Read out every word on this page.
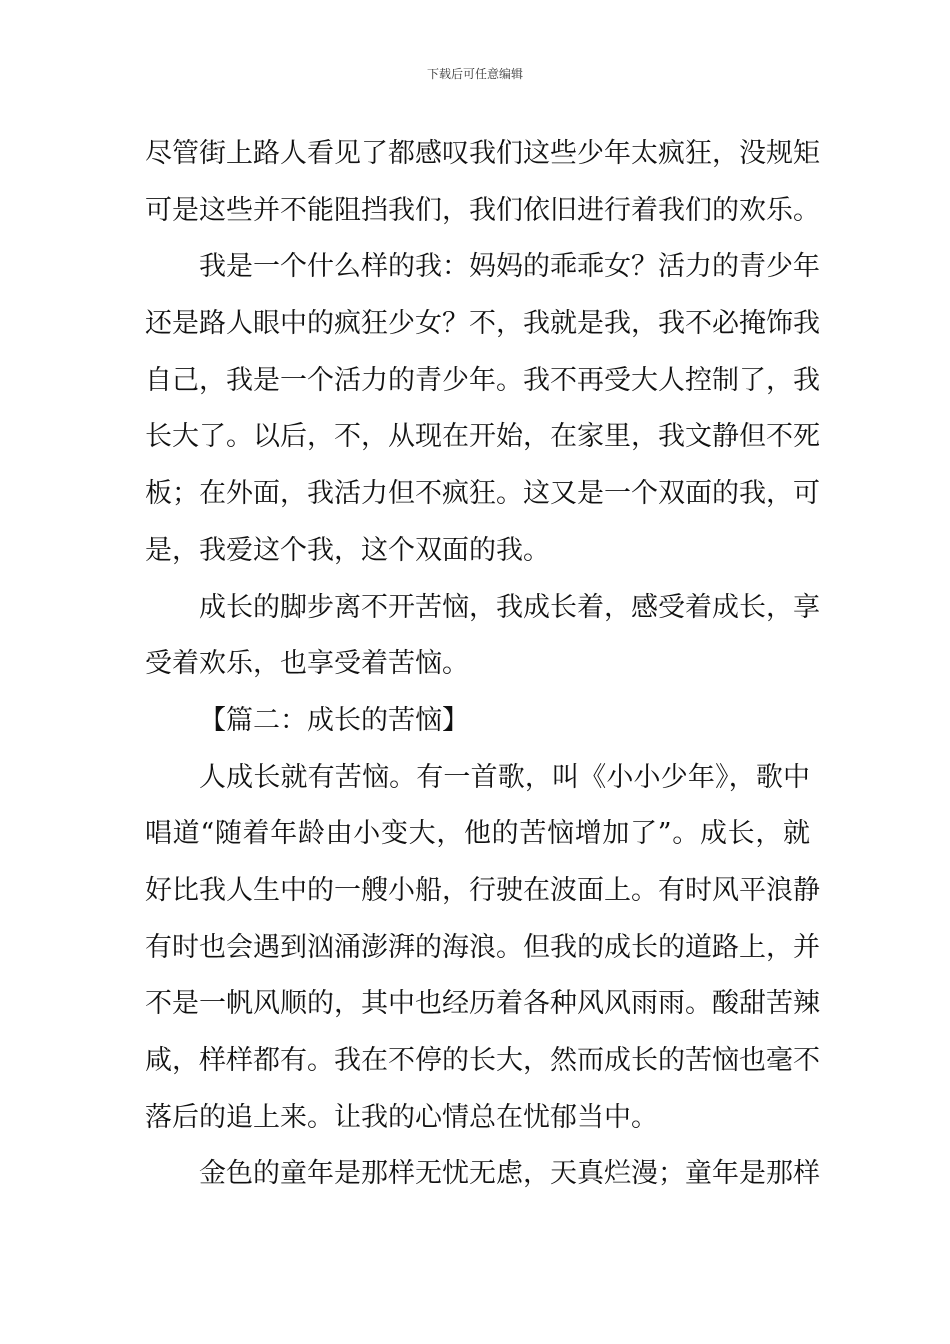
下载后可任意编辑
尽管街上路人看见了都感叹我们这些少年太疯狂，没规矩
可是这些并不能阻挡我们，我们依旧进行着我们的欢乐。
我是一个什么样的我：妈妈的乖乖女？活力的青少年
还是路人眼中的疯狂少女？不，我就是我，我不必掩饰我
自己，我是一个活力的青少年。我不再受大人控制了，我
长大了。以后，不，从现在开始，在家里，我文静但不死
板；在外面，我活力但不疯狂。这又是一个双面的我，可
是，我爱这个我，这个双面的我。
成长的脚步离不开苦恼，我成长着，感受着成长，享
受着欢乐，也享受着苦恼。
【篇二：成长的苦恼】
人成长就有苦恼。有一首歌，叫《小小少年》，歌中
唱道“随着年龄由小变大，他的苦恼增加了”。成长，就
好比我人生中的一艘小船，行驶在波面上。有时风平浪静
有时也会遇到汹涌澎湃的海浪。但我的成长的道路上，并
不是一帆风顺的，其中也经历着各种风风雨雨。酸甜苦辣
咸，样样都有。我在不停的长大，然而成长的苦恼也毫不
落后的追上来。让我的心情总在忧郁当中。
金色的童年是那样无忧无虑，天真烂漫；童年是那样
